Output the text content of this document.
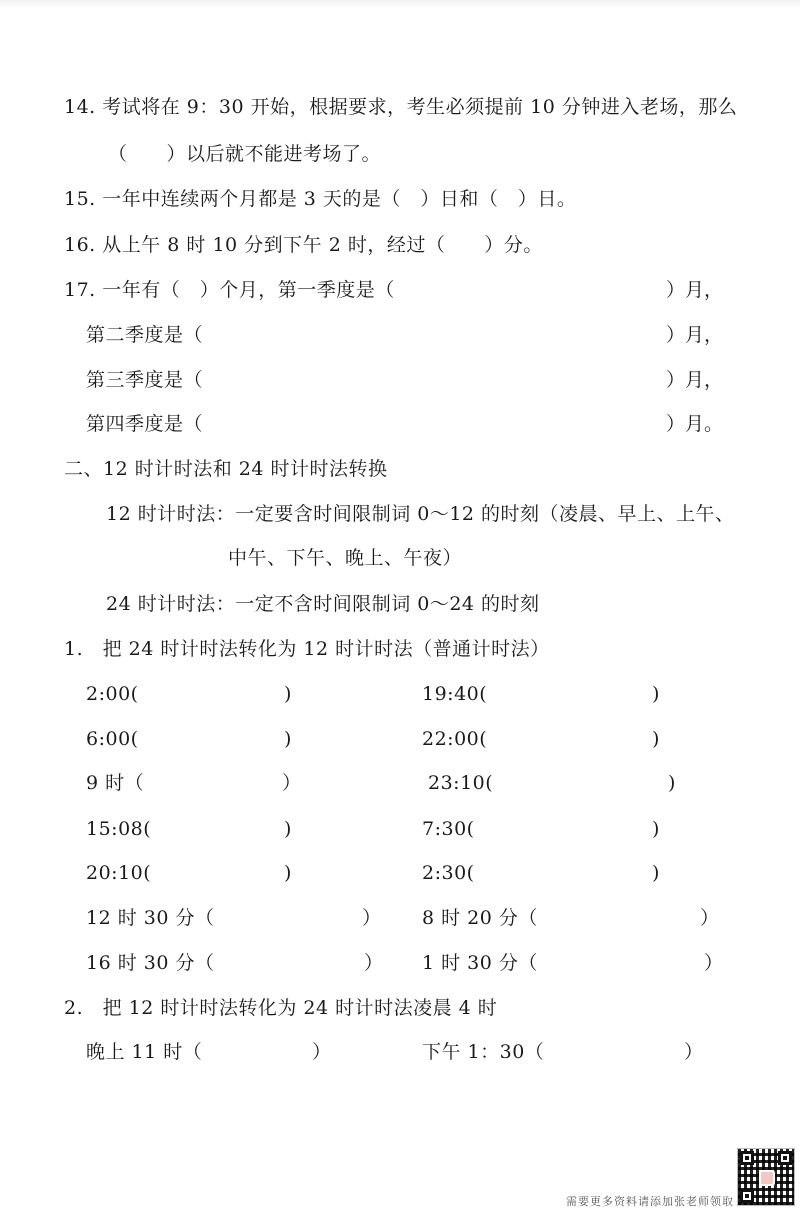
14. 考试将在 9：30 开始，根据要求，考生必须提前 10 分钟进入老场，那么
（　　）以后就不能进考场了。
15. 一年中连续两个月都是 3 天的是（　）日和（　）日。
16. 从上午 8 时 10 分到下午 2 时，经过（　　）分。
17. 一年有（　）个月，第一季度是（	）月，
第二季度是（	）月，
第三季度是（	）月，
第四季度是（	）月。
二、12 时计时法和 24 时计时法转换
12 时计时法：一定要含时间限制词 0～12 的时刻（凌晨、早上、上午、
中午、下午、晚上、午夜）
24 时计时法：一定不含时间限制词 0～24 的时刻
1.　把 24 时计时法转化为 12 时计时法（普通计时法）
2:00(	)	19:40(	)
6:00(	)	22:00(	)
9 时（	）	23:10(	)
15:08(	)	7:30(	)
20:10(	)	2:30(	)
12 时 30 分（	） 8 时 20 分（	）
16 时 30 分（	） 1 时 30 分（	）
2.　把 12 时计时法转化为 24 时计时法凌晨 4 时
晚上 11 时（	）	下午 1：30（	）
需要更多资料请添加张老师领取
